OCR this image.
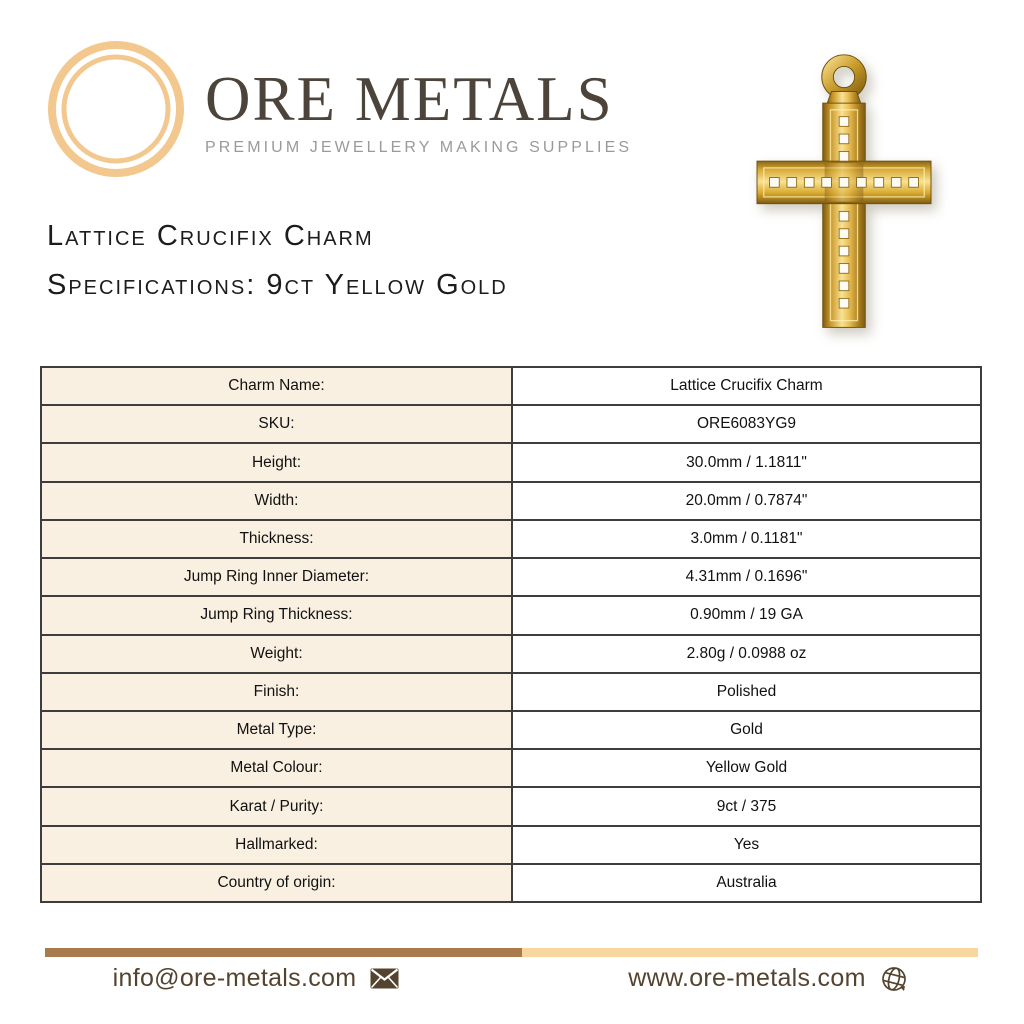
ORE METALS
PREMIUM JEWELLERY MAKING SUPPLIES
Lattice Crucifix Charm
Specifications: 9ct Yellow Gold
Charm Name:	Lattice Crucifix Charm
SKU:	ORE6083YG9
Height:	30.0mm / 1.1811"
Width:	20.0mm / 0.7874"
Thickness:	3.0mm / 0.1181"
Jump Ring Inner Diameter:	4.31mm / 0.1696"
Jump Ring Thickness:	0.90mm / 19 GA
Weight:	2.80g / 0.0988 oz
Finish:	Polished
Metal Type:	Gold
Metal Colour:	Yellow Gold
Karat / Purity:	9ct / 375
Hallmarked:	Yes
Country of origin:	Australia
info@ore-metals.com	www.ore-metals.com
